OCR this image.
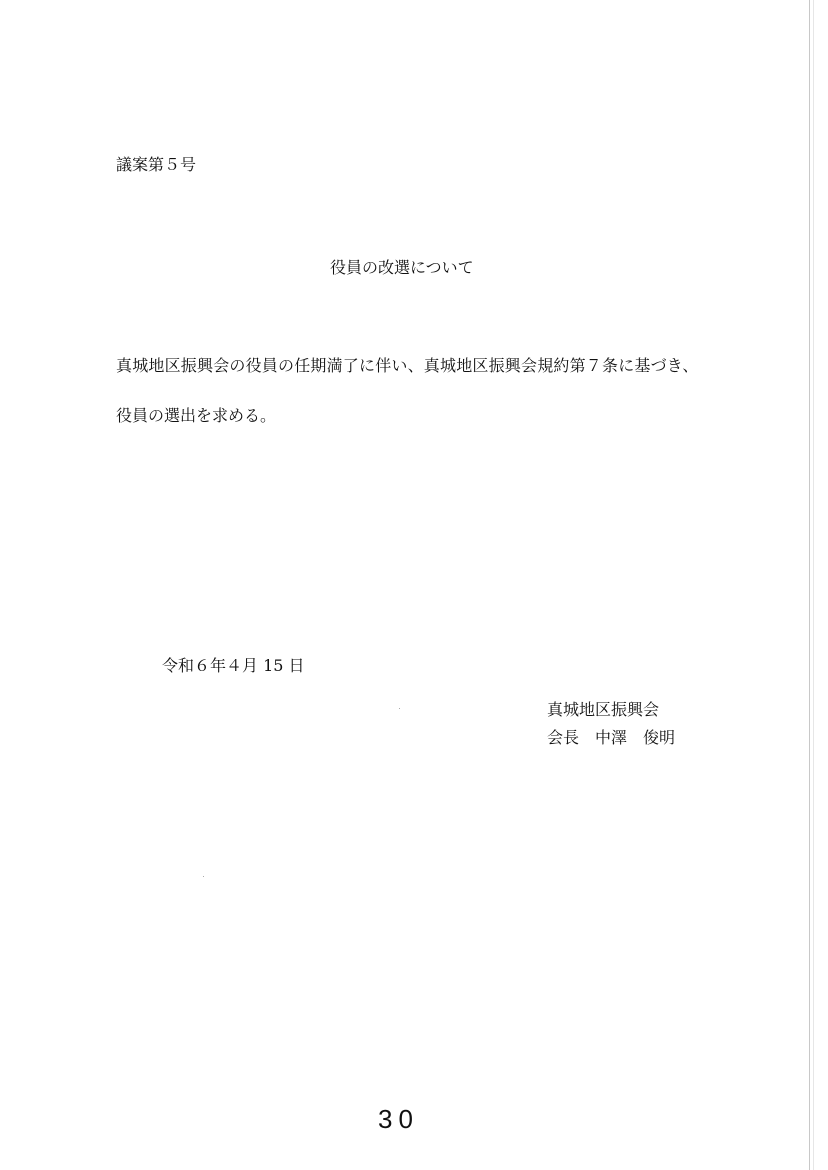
議案第５号
役員の改選について
真城地区振興会の役員の任期満了に伴い、真城地区振興会規約第７条に基づき、
役員の選出を求める。
令和６年４月 15 日
真城地区振興会
会長　中澤　俊明
30
